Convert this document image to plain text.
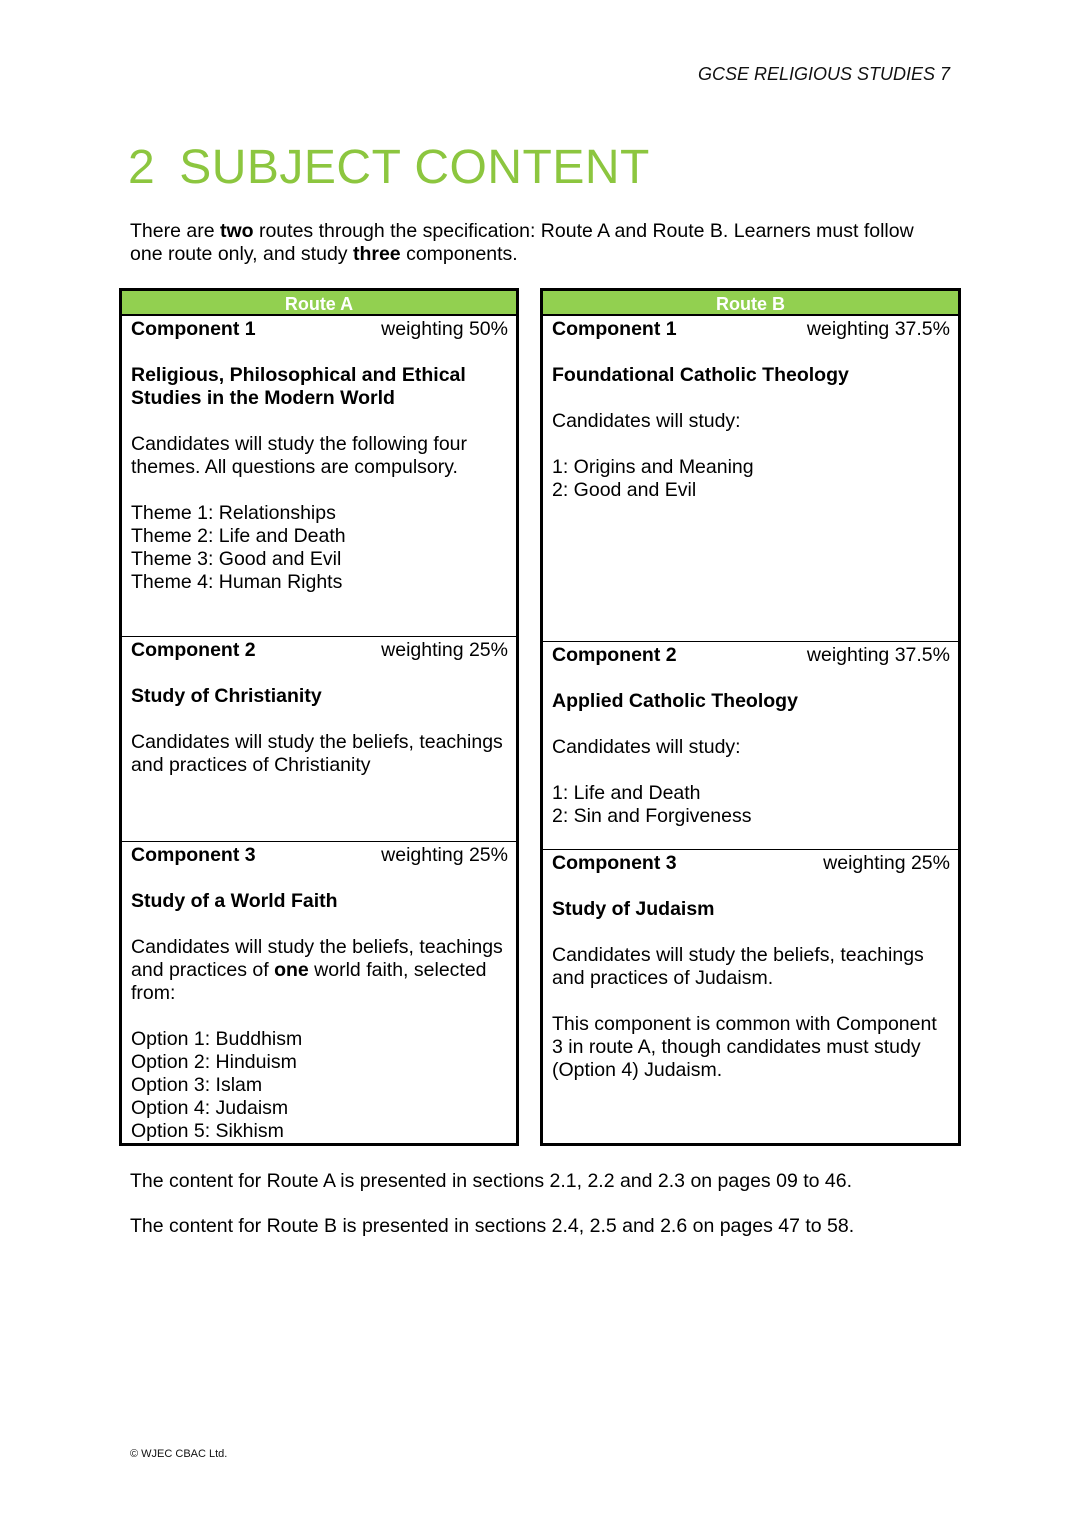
GCSE RELIGIOUS STUDIES 7
2 SUBJECT CONTENT
There are two routes through the specification: Route A and Route B. Learners must follow one route only, and study three components.
Route A
Component 1	weighting 50%
Religious, Philosophical and Ethical Studies in the Modern World
Candidates will study the following four themes. All questions are compulsory.
Theme 1: Relationships
Theme 2: Life and Death
Theme 3: Good and Evil
Theme 4: Human Rights
Component 2	weighting 25%
Study of Christianity
Candidates will study the beliefs, teachings and practices of Christianity
Component 3	weighting 25%
Study of a World Faith
Candidates will study the beliefs, teachings and practices of one world faith, selected from:
Option 1: Buddhism
Option 2: Hinduism
Option 3: Islam
Option 4: Judaism
Option 5: Sikhism
Route B
Component 1	weighting 37.5%
Foundational Catholic Theology
Candidates will study:
1: Origins and Meaning
2: Good and Evil
Component 2	weighting 37.5%
Applied Catholic Theology
Candidates will study:
1: Life and Death
2: Sin and Forgiveness
Component 3	weighting 25%
Study of Judaism
Candidates will study the beliefs, teachings and practices of Judaism.
This component is common with Component 3 in route A, though candidates must study (Option 4) Judaism.
The content for Route A is presented in sections 2.1, 2.2 and 2.3 on pages 09 to 46.
The content for Route B is presented in sections 2.4, 2.5 and 2.6 on pages 47 to 58.
© WJEC CBAC Ltd.
